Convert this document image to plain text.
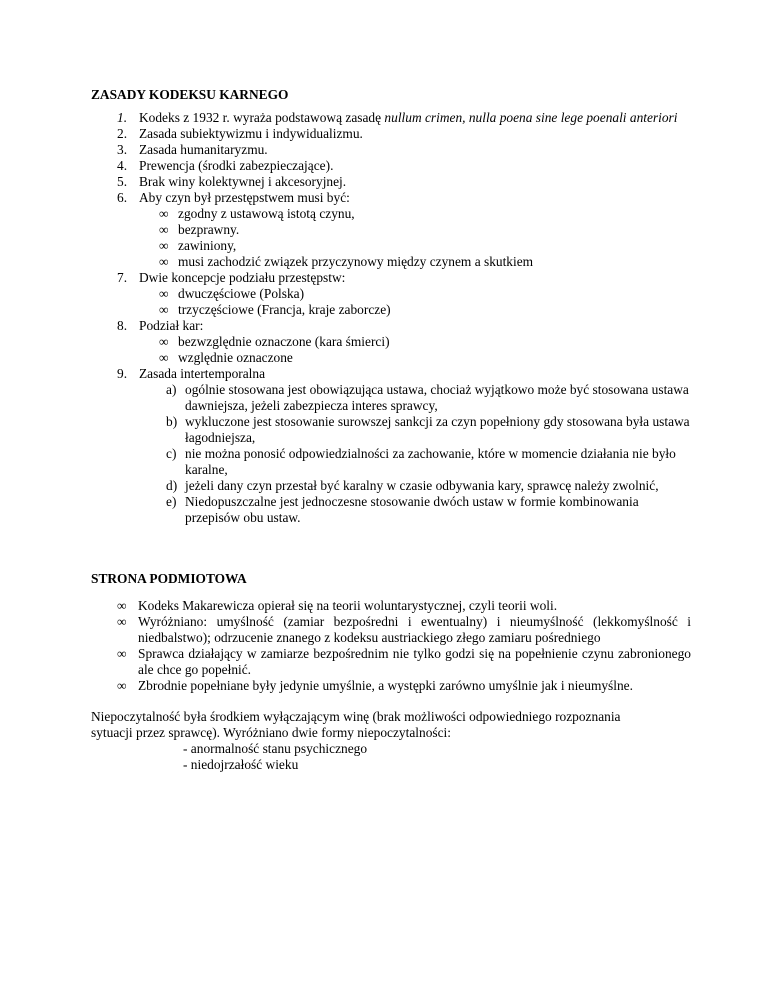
ZASADY KODEKSU KARNEGO
1. Kodeks z 1932 r. wyraża podstawową zasadę nullum crimen, nulla poena sine lege poenali anteriori
2. Zasada subiektywizmu i indywidualizmu.
3. Zasada humanitaryzmu.
4. Prewencja (środki zabezpieczające).
5. Brak winy kolektywnej i akcesoryjnej.
6. Aby czyn był przestępstwem musi być:
∞ zgodny z ustawową istotą czynu,
∞ bezprawny.
∞ zawiniony,
∞ musi zachodzić związek przyczynowy między czynem a skutkiem
7. Dwie koncepcje podziału przestępstw:
∞ dwuczęściowe (Polska)
∞ trzyczęściowe (Francja, kraje zaborcze)
8. Podział kar:
∞ bezwzględnie oznaczone (kara śmierci)
∞ względnie oznaczone
9. Zasada intertemporalna
a) ogólnie stosowana jest obowiązująca ustawa, chociaż wyjątkowo może być stosowana ustawa dawniejsza, jeżeli zabezpiecza interes sprawcy,
b) wykluczone jest stosowanie surowszej sankcji za czyn popełniony gdy stosowana była ustawa łagodniejsza,
c) nie można ponosić odpowiedzialności za zachowanie, które w momencie działania nie było karalne,
d) jeżeli dany czyn przestał być karalny w czasie odbywania kary, sprawcę należy zwolnić,
e) Niedopuszczalne jest jednoczesne stosowanie dwóch ustaw w formie kombinowania przepisów obu ustaw.
STRONA PODMIOTOWA
∞ Kodeks Makarewicza opierał się na teorii woluntarystycznej, czyli teorii woli.
∞ Wyróżniano: umyślność (zamiar bezpośredni i ewentualny) i nieumyślność (lekkomyślność i niedbalstwo); odrzucenie znanego z kodeksu austriackiego złego zamiaru pośredniego
∞ Sprawca działający w zamiarze bezpośrednim nie tylko godzi się na popełnienie czynu zabronionego ale chce go popełnić.
∞ Zbrodnie popełniane były jedynie umyślnie, a występki zarówno umyślnie jak i nieumyślne.
Niepoczytalność była środkiem wyłączającym winę (brak możliwości odpowiedniego rozpoznania
sytuacji przez sprawcę). Wyróżniano dwie formy niepoczytalności:
- anormalność stanu psychicznego
- niedojrzałość wieku
